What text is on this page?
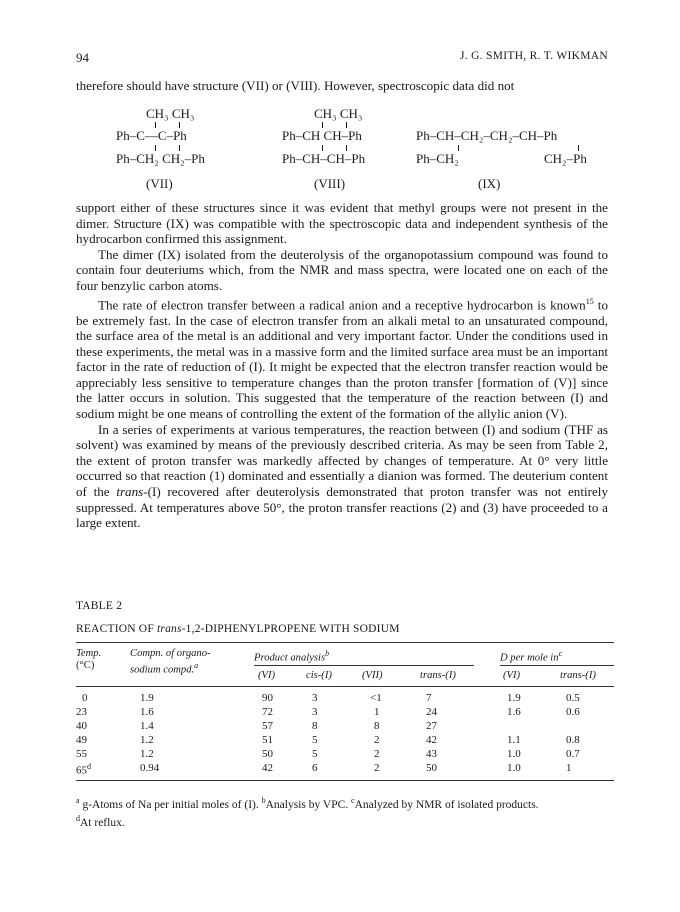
94	J. G. SMITH, R. T. WIKMAN

therefore should have structure (VII) or (VIII). However, spectroscopic data did not

CH₃ CH₃
Ph–C—C–Ph
Ph–CH₂ CH₂–Ph
(VII)
CH₃ CH₃
Ph–CH CH–Ph
Ph–CH–CH–Ph
(VIII)
Ph–CH–CH₂–CH₂–CH–Ph
Ph–CH₂	CH₂–Ph
(IX)

support either of these structures since it was evident that methyl groups were not present in the dimer. Structure (IX) was compatible with the spectroscopic data and independent synthesis of the hydrocarbon confirmed this assignment.

The dimer (IX) isolated from the deuterolysis of the organopotassium compound was found to contain four deuteriums which, from the NMR and mass spectra, were located one on each of the four benzylic carbon atoms.

The rate of electron transfer between a radical anion and a receptive hydrocarbon is known$^{15}$ to be extremely fast. In the case of electron transfer from an alkali metal to an unsaturated compound, the surface area of the metal is an additional and very important factor. Under the conditions used in these experiments, the metal was in a massive form and the limited surface area must be an important factor in the rate of reduction of (I). It might be expected that the electron transfer reaction would be appreciably less sensitive to temperature changes than the proton transfer [formation of (V)] since the latter occurs in solution. This suggested that the temperature of the reaction between (I) and sodium might be one means of controlling the extent of the formation of the allylic anion (V).

In a series of experiments at various temperatures, the reaction between (I) and sodium (THF as solvent) was examined by means of the previously described criteria. As may be seen from Table 2, the extent of proton transfer was markedly affected by changes of temperature. At 0° very little occurred so that reaction (1) dominated and essentially a dianion was formed. The deuterium content of the trans-(I) recovered after deuterolysis demonstrated that proton transfer was not entirely suppressed. At temperatures above 50°, the proton transfer reactions (2) and (3) have proceeded to a large extent.

TABLE 2
REACTION OF trans-1,2-DIPHENYLPROPENE WITH SODIUM
Temp.
(°C)
Compn. of organo-
sodium compd.$^a$
Product analysis$^b$	D per mole in$^c$
(VI)	cis-(I)	(VII)	trans-(I)	(VI)	trans-(I)
0	1.9	90	3	<1	7	1.9	0.5
23	1.6	72	3	1	24	1.6	0.6
40	1.4	57	8	8	27
49	1.2	51	5	2	42	1.1	0.8
55	1.2	50	5	2	43	1.0	0.7
65$^d$	0.94	42	6	2	50	1.0	1
$^a$ g-Atoms of Na per initial moles of (I). $^b$Analysis by VPC. $^c$Analyzed by NMR of isolated products.
$^d$At reflux.
